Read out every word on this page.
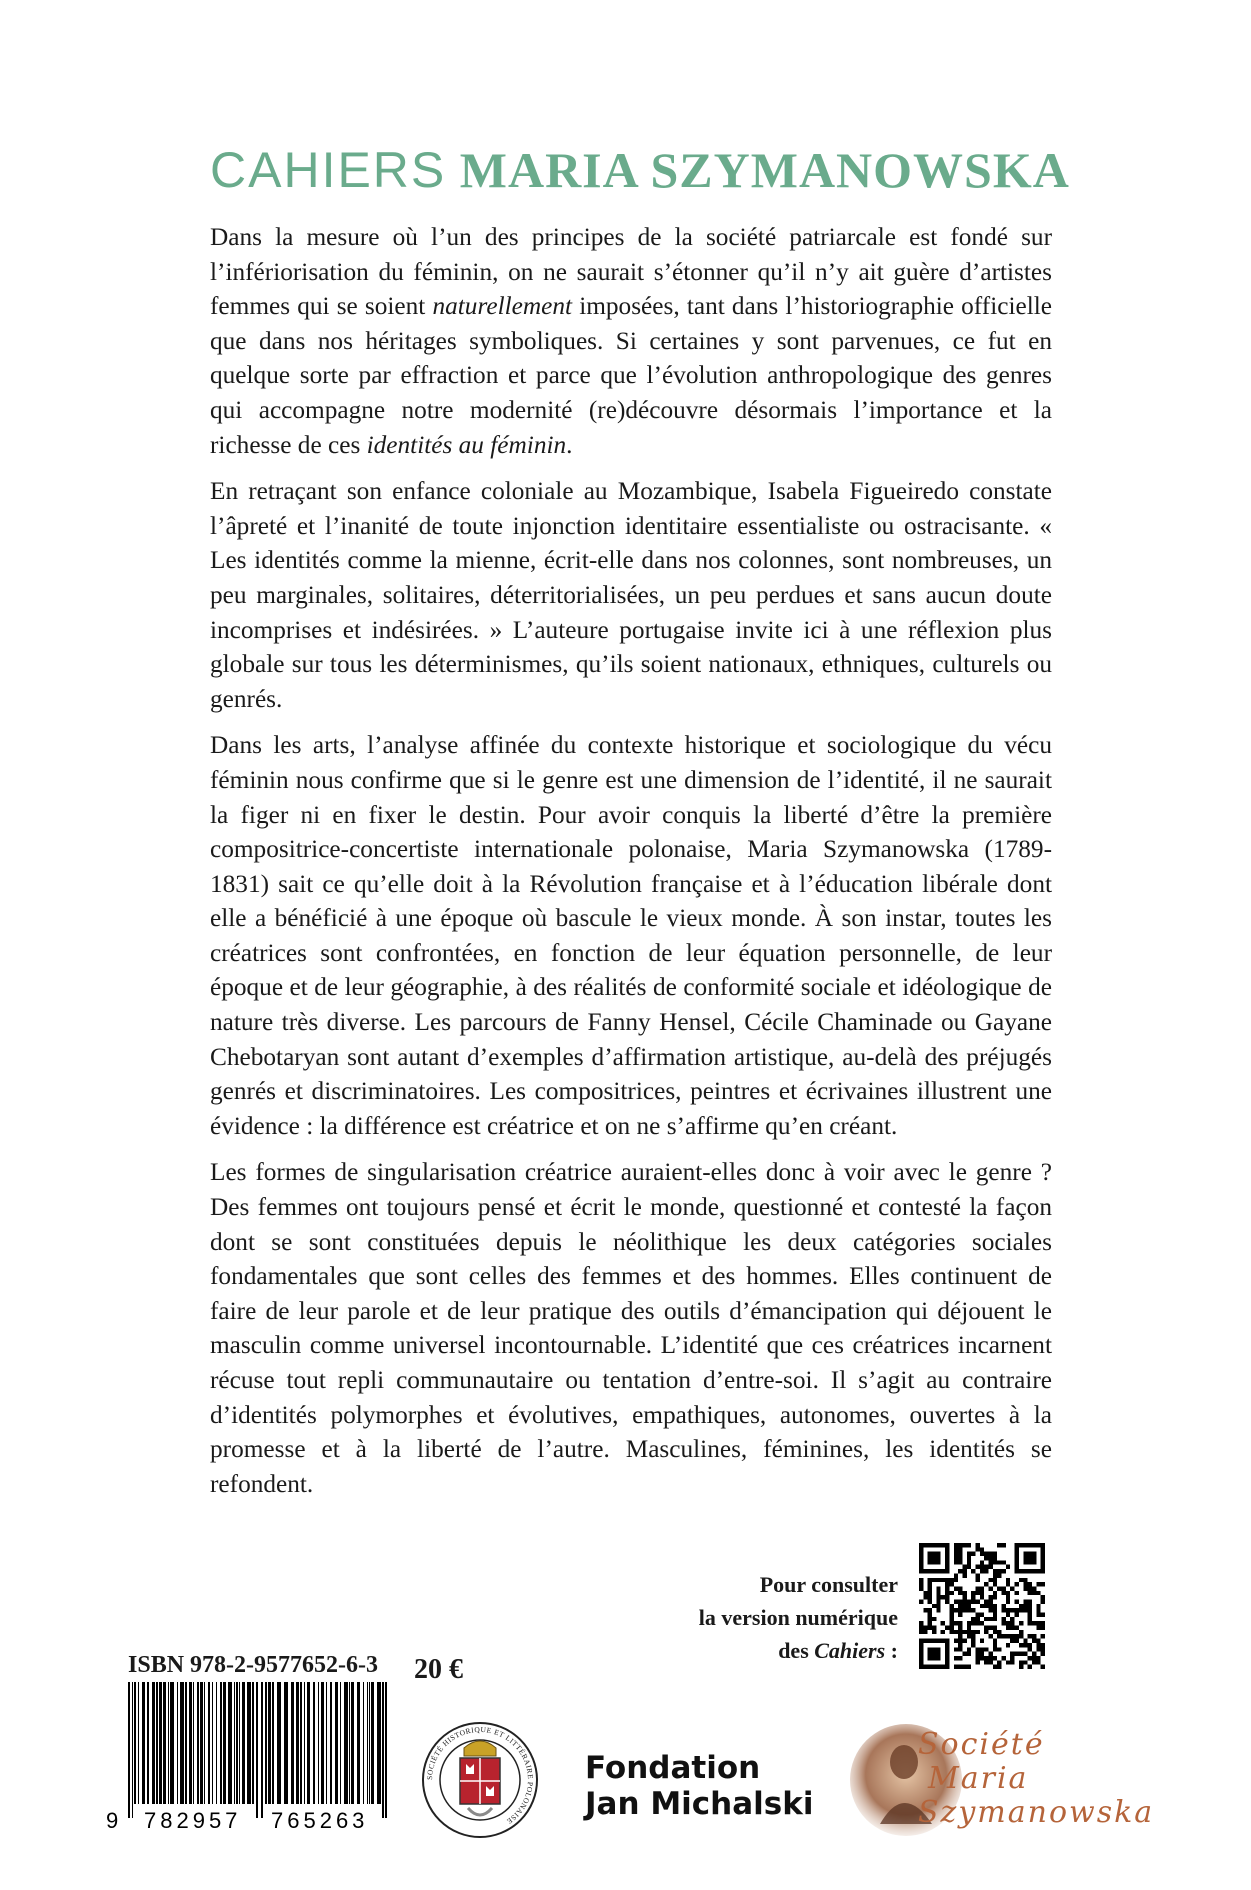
CAHIERS MARIA SZYMANOWSKA

Dans la mesure où l’un des principes de la société patriarcale est fondé sur l’infériorisation du féminin, on ne saurait s’étonner qu’il n’y ait guère d’artistes femmes qui se soient naturellement imposées, tant dans l’historiographie officielle que dans nos héritages symboliques. Si certaines y sont parvenues, ce fut en quelque sorte par effraction et parce que l’évolution anthropologique des genres qui accompagne notre modernité (re)découvre désormais l’importance et la richesse de ces identités au féminin.

En retraçant son enfance coloniale au Mozambique, Isabela Figueiredo constate l’âpreté et l’inanité de toute injonction identitaire essentialiste ou ostracisante. « Les identités comme la mienne, écrit-elle dans nos colonnes, sont nombreuses, un peu marginales, solitaires, déterritorialisées, un peu perdues et sans aucun doute incomprises et indésirées. » L’auteure portugaise invite ici à une réflexion plus globale sur tous les déterminismes, qu’ils soient nationaux, ethniques, culturels ou genrés.

Dans les arts, l’analyse affinée du contexte historique et sociologique du vécu féminin nous confirme que si le genre est une dimension de l’identité, il ne saurait la figer ni en fixer le destin. Pour avoir conquis la liberté d’être la première compositrice-concertiste internationale polonaise, Maria Szymanowska (1789-1831) sait ce qu’elle doit à la Révolution française et à l’éducation libérale dont elle a bénéficié à une époque où bascule le vieux monde. À son instar, toutes les créatrices sont confrontées, en fonction de leur équation personnelle, de leur époque et de leur géographie, à des réalités de conformité sociale et idéologique de nature très diverse. Les parcours de Fanny Hensel, Cécile Chaminade ou Gayane Chebotaryan sont autant d’exemples d’affirmation artistique, au-delà des préjugés genrés et discriminatoires. Les compositrices, peintres et écrivaines illustrent une évidence : la différence est créatrice et on ne s’affirme qu’en créant.

Les formes de singularisation créatrice auraient-elles donc à voir avec le genre ? Des femmes ont toujours pensé et écrit le monde, questionné et contesté la façon dont se sont constituées depuis le néolithique les deux catégories sociales fondamentales que sont celles des femmes et des hommes. Elles continuent de faire de leur parole et de leur pratique des outils d’émancipation qui déjouent le masculin comme universel incontournable. L’identité que ces créatrices incarnent récuse tout repli communautaire ou tentation d’entre-soi. Il s’agit au contraire d’identités polymorphes et évolutives, empathiques, autonomes, ouvertes à la promesse et à la liberté de l’autre. Masculines, féminines, les identités se refondent.

Pour consulter
la version numérique
des Cahiers :
ISBN 978-2-9577652-6-3 20 €
9 782957 765263
SOCIÉTÉ HISTORIQUE ET LITTÉRAIRE POLONAISE
Fondation
Jan Michalski
Société
Maria
Szymanowska
